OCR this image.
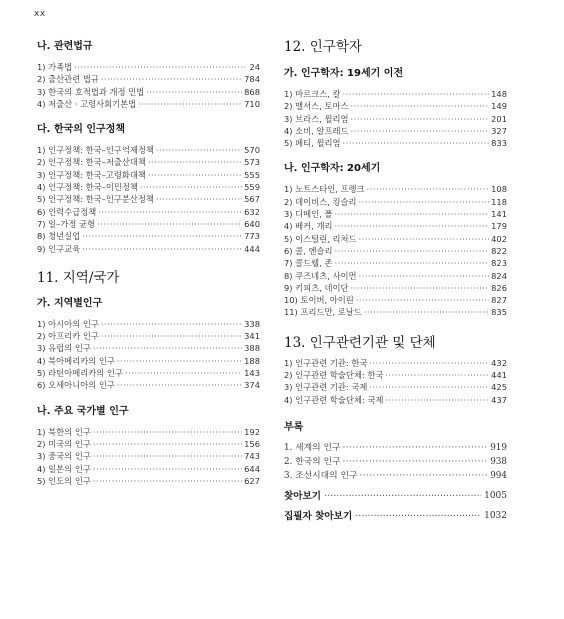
xx
나. 관련법규
1) 가족법 ·····	24
2) 출산관련 법규 ·····	784
3) 한국의 호적법과 개정 민법 ·····	868
4) 저출산 · 고령사회기본법 ·····	710
다. 한국의 인구정책
1) 인구정책: 한국–인구억제정책 ·····	570
2) 인구정책: 한국–저출산대책 ·····	573
3) 인구정책: 한국–고령화대책 ·····	555
4) 인구정책: 한국–이민정책 ·····	559
5) 인구정책: 한국–인구분산정책 ·····	567
6) 인력수급정책 ·····	632
7) 일–가정 균형 ·····	640
8) 청년실업 ·····	773
9) 인구교육 ·····	444
11. 지역/국가
가. 지역별인구
1) 아시아의 인구 ·····	338
2) 아프리카 인구 ·····	341
3) 유럽의 인구 ·····	388
4) 북아메리카의 인구 ·····	188
5) 라틴아메리카의 인구 ·····	143
6) 오세아니아의 인구 ·····	374
나. 주요 국가별 인구
1) 북한의 인구 ·····	192
2) 미국의 인구 ·····	156
3) 중국의 인구 ·····	743
4) 일본의 인구 ·····	644
5) 인도의 인구 ·····	627
12. 인구학자
가. 인구학자: 19세기 이전
1) 마르크스, 칼 ·····	148
2) 맬서스, 토마스 ·····	149
3) 브라스, 윌리엄 ·····	201
4) 소비, 알프레드 ·····	327
5) 페티, 윌리엄 ·····	833
나. 인구학자: 20세기
1) 노트스타인, 프랭크 ·····	108
2) 데이비스, 킹슬리 ·····	118
3) 디메인, 폴 ·····	141
4) 베커, 개리 ·····	179
5) 이스털린, 리처드 ·····	402
6) 콜, 앤슬리 ·····	822
7) 콜드웰, 존 ·····	823
8) 쿠즈네츠, 사이먼 ·····	824
9) 키피츠, 네이단 ·····	826
10) 토이버, 아이린 ·····	827
11) 프리드만, 로날드 ·····	835
13. 인구관련기관 및 단체
1) 인구관련 기관: 한국 ·····	432
2) 인구관련 학술단체: 한국 ·····	441
3) 인구관련 기관: 국제 ·····	425
4) 인구관련 학술단체: 국제 ·····	437
부록
1. 세계의 인구 ·····	919
2. 한국의 인구 ·····	938
3. 조선시대의 인구 ·····	994
찾아보기 ·····	1005
집필자 찾아보기 ·····	1032
